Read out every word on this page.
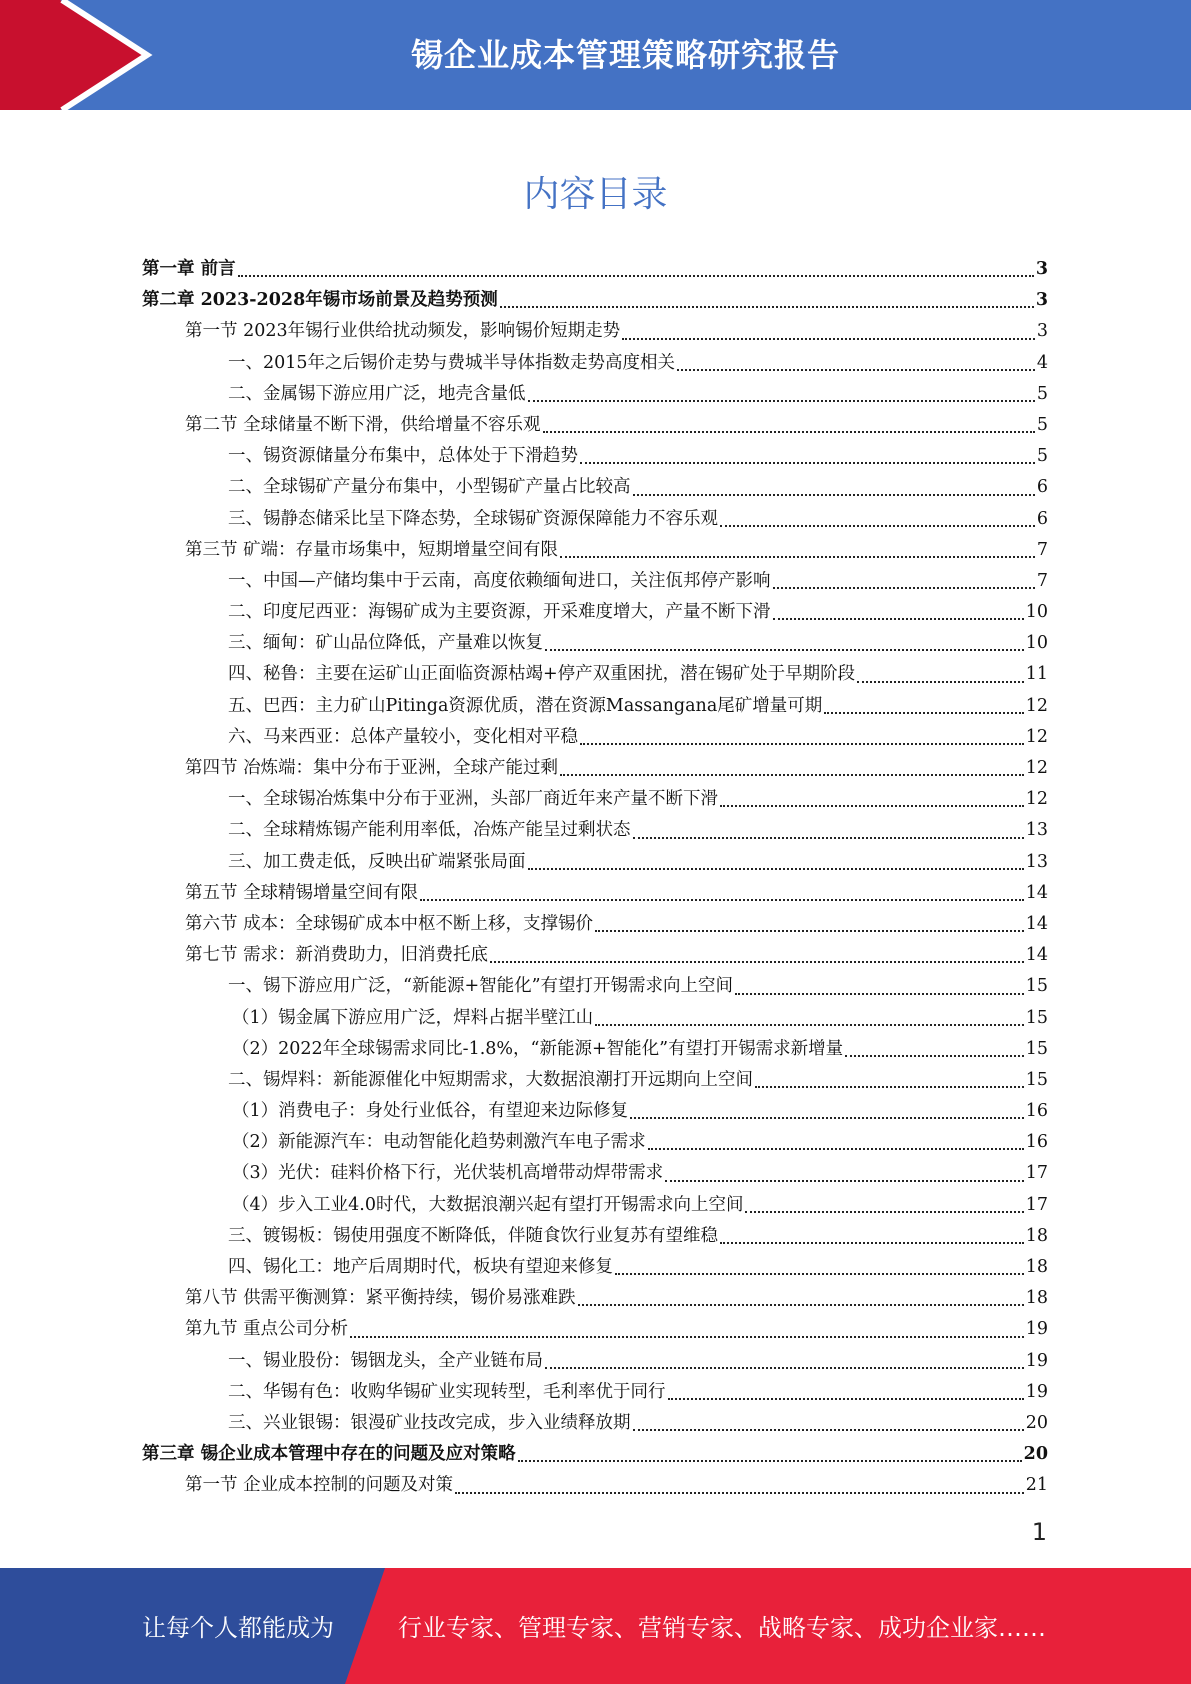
锡企业成本管理策略研究报告
内容目录
第一章 前言	3
第二章 2023-2028年锡市场前景及趋势预测	3
第一节 2023年锡行业供给扰动频发，影响锡价短期走势	3
一、2015年之后锡价走势与费城半导体指数走势高度相关	4
二、金属锡下游应用广泛，地壳含量低	5
第二节 全球储量不断下滑，供给增量不容乐观	5
一、锡资源储量分布集中，总体处于下滑趋势	5
二、全球锡矿产量分布集中，小型锡矿产量占比较高	6
三、锡静态储采比呈下降态势，全球锡矿资源保障能力不容乐观	6
第三节 矿端：存量市场集中，短期增量空间有限	7
一、中国—产储均集中于云南，高度依赖缅甸进口，关注佤邦停产影响	7
二、印度尼西亚：海锡矿成为主要资源，开采难度增大，产量不断下滑	10
三、缅甸：矿山品位降低，产量难以恢复	10
四、秘鲁：主要在运矿山正面临资源枯竭+停产双重困扰，潜在锡矿处于早期阶段	11
五、巴西：主力矿山Pitinga资源优质，潜在资源Massangana尾矿增量可期	12
六、马来西亚：总体产量较小，变化相对平稳	12
第四节 冶炼端：集中分布于亚洲，全球产能过剩	12
一、全球锡冶炼集中分布于亚洲，头部厂商近年来产量不断下滑	12
二、全球精炼锡产能利用率低，冶炼产能呈过剩状态	13
三、加工费走低，反映出矿端紧张局面	13
第五节 全球精锡增量空间有限	14
第六节 成本：全球锡矿成本中枢不断上移，支撑锡价	14
第七节 需求：新消费助力，旧消费托底	14
一、锡下游应用广泛，“新能源+智能化”有望打开锡需求向上空间	15
（1）锡金属下游应用广泛，焊料占据半壁江山	15
（2）2022年全球锡需求同比-1.8%，“新能源+智能化”有望打开锡需求新增量	15
二、锡焊料：新能源催化中短期需求，大数据浪潮打开远期向上空间	15
（1）消费电子：身处行业低谷，有望迎来边际修复	16
（2）新能源汽车：电动智能化趋势刺激汽车电子需求	16
（3）光伏：硅料价格下行，光伏装机高增带动焊带需求	17
（4）步入工业4.0时代，大数据浪潮兴起有望打开锡需求向上空间	17
三、镀锡板：锡使用强度不断降低，伴随食饮行业复苏有望维稳	18
四、锡化工：地产后周期时代，板块有望迎来修复	18
第八节 供需平衡测算：紧平衡持续，锡价易涨难跌	18
第九节 重点公司分析	19
一、锡业股份：锡铟龙头，全产业链布局	19
二、华锡有色：收购华锡矿业实现转型，毛利率优于同行	19
三、兴业银锡：银漫矿业技改完成，步入业绩释放期	20
第三章 锡企业成本管理中存在的问题及应对策略	20
第一节 企业成本控制的问题及对策	21
1
让每个人都能成为	行业专家、管理专家、营销专家、战略专家、成功企业家……
